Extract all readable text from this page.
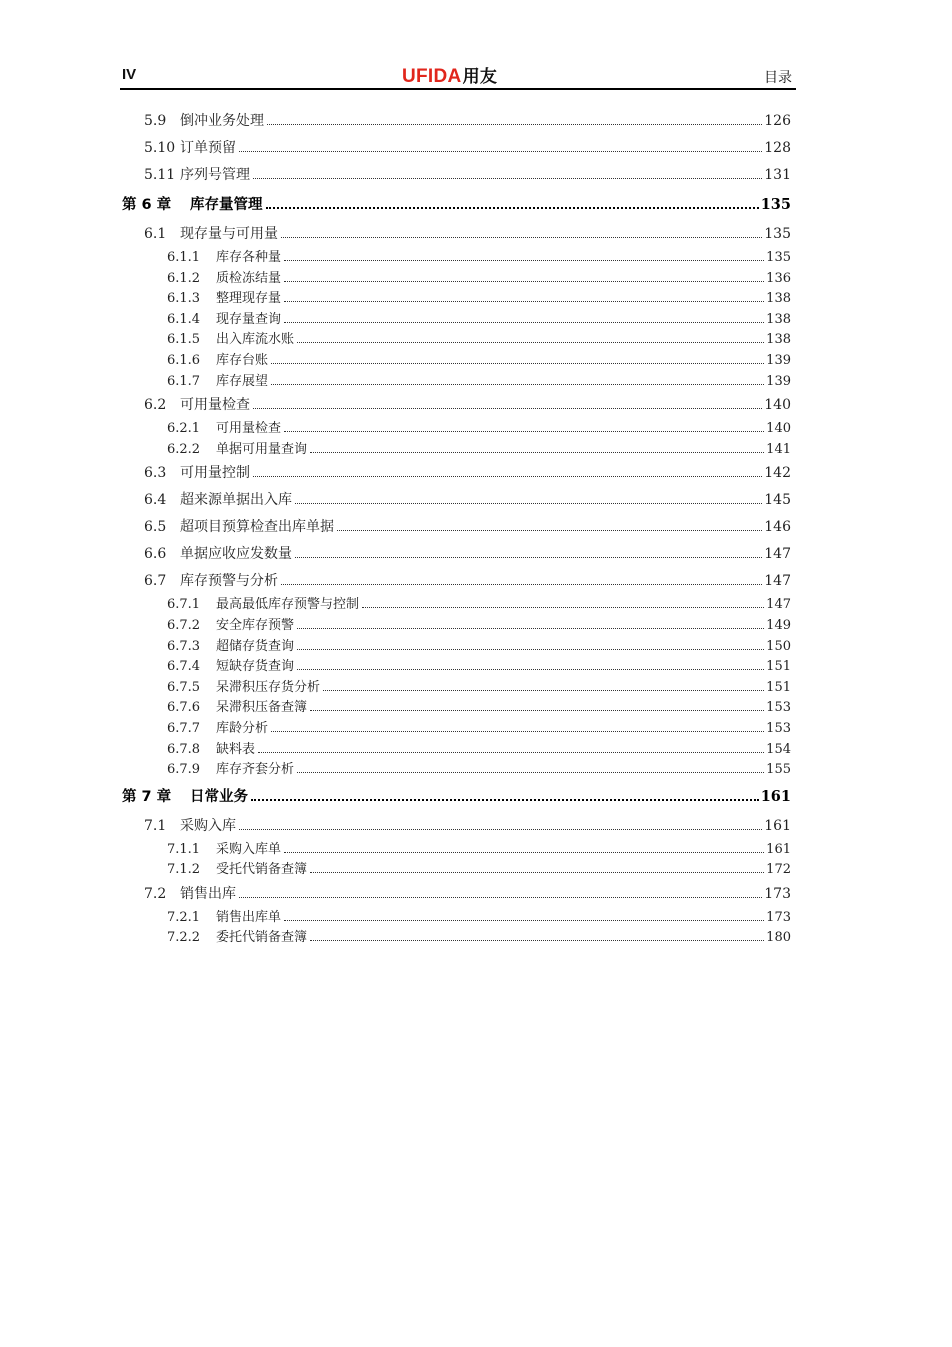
IV	UFIDA用友	目录
5.9 倒冲业务处理	126
5.10 订单预留	128
5.11 序列号管理	131
第 6 章	库存量管理	135
6.1 现存量与可用量	135
6.1.1	库存各种量	135
6.1.2	质检冻结量	136
6.1.3	整理现存量	138
6.1.4	现存量查询	138
6.1.5	出入库流水账	138
6.1.6	库存台账	139
6.1.7	库存展望	139
6.2 可用量检查	140
6.2.1	可用量检查	140
6.2.2	单据可用量查询	141
6.3 可用量控制	142
6.4 超来源单据出入库	145
6.5 超项目预算检查出库单据	146
6.6 单据应收应发数量	147
6.7 库存预警与分析	147
6.7.1	最高最低库存预警与控制	147
6.7.2	安全库存预警	149
6.7.3	超储存货查询	150
6.7.4	短缺存货查询	151
6.7.5	呆滞积压存货分析	151
6.7.6	呆滞积压备查簿	153
6.7.7	库龄分析	153
6.7.8	缺料表	154
6.7.9	库存齐套分析	155
第 7 章	日常业务	161
7.1 采购入库	161
7.1.1	采购入库单	161
7.1.2	受托代销备查簿	172
7.2 销售出库	173
7.2.1	销售出库单	173
7.2.2	委托代销备查簿	180
